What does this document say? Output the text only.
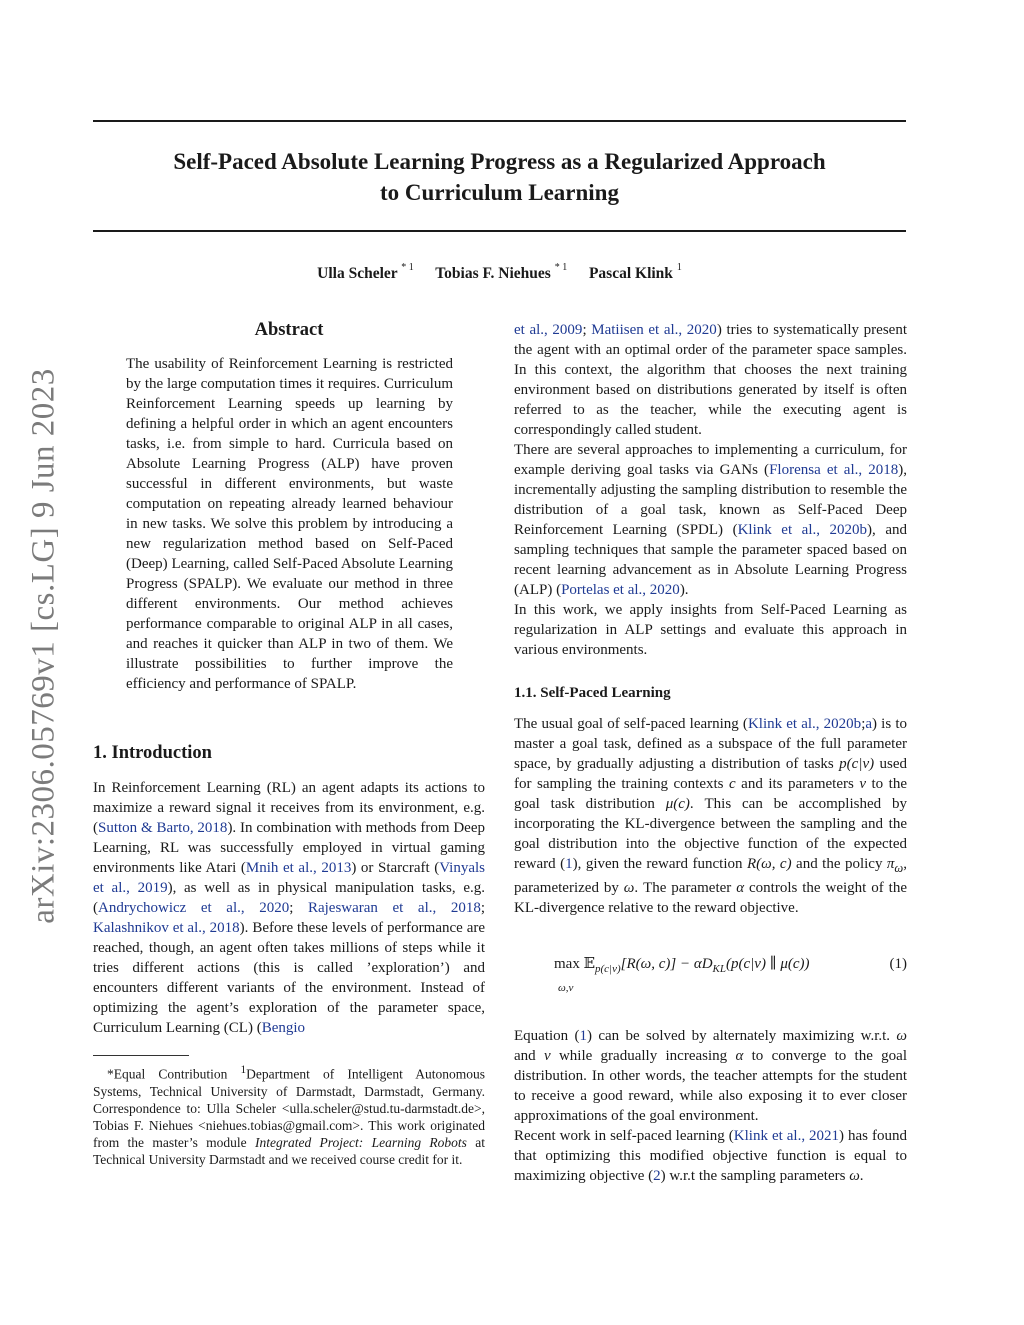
Self-Paced Absolute Learning Progress as a Regularized Approach
to Curriculum Learning
Ulla Scheler $^{* 1}$ Tobias F. Niehues $^{* 1}$ Pascal Klink $^1$
arXiv:2306.05769v1 [cs.LG] 9 Jun 2023
Abstract

The usability of Reinforcement Learning is restricted by the large computation times it requires. Curriculum Reinforcement Learning speeds up learning by defining a helpful order in which an agent encounters tasks, i.e. from simple to hard. Curricula based on Absolute Learning Progress (ALP) have proven successful in different environments, but waste computation on repeating already learned behaviour in new tasks. We solve this problem by introducing a new regularization method based on Self-Paced (Deep) Learning, called Self-Paced Absolute Learning Progress (SPALP). We evaluate our method in three different environments. Our method achieves performance comparable to original ALP in all cases, and reaches it quicker than ALP in two of them. We illustrate possibilities to further improve the efficiency and performance of SPALP.

1. Introduction

In Reinforcement Learning (RL) an agent adapts its actions to maximize a reward signal it receives from its environment, e.g. (Sutton & Barto, 2018). In combination with methods from Deep Learning, RL was successfully employed in virtual gaming environments like Atari (Mnih et al., 2013) or Starcraft (Vinyals et al., 2019), as well as in physical manipulation tasks, e.g. (Andrychowicz et al., 2020; Rajeswaran et al., 2018; Kalashnikov et al., 2018). Before these levels of performance are reached, though, an agent often takes millions of steps while it tries different actions (this is called ’exploration’) and encounters different variants of the environment. Instead of optimizing the agent’s exploration of the parameter space, Curriculum Learning (CL) (Bengio

*Equal Contribution $^1$Department of Intelligent Autonomous Systems, Technical University of Darmstadt, Darmstadt, Germany. Correspondence to: Ulla Scheler <ulla.scheler@stud.tu-darmstadt.de>, Tobias F. Niehues <niehues.tobias@gmail.com>. This work originated from the master’s module Integrated Project: Learning Robots at Technical University Darmstadt and we received course credit for it.

et al., 2009; Matiisen et al., 2020) tries to systematically present the agent with an optimal order of the parameter space samples. In this context, the algorithm that chooses the next training environment based on distributions generated by itself is often referred to as the teacher, while the executing agent is correspondingly called student.

There are several approaches to implementing a curriculum, for example deriving goal tasks via GANs (Florensa et al., 2018), incrementally adjusting the sampling distribution to resemble the distribution of a goal task, known as Self-Paced Deep Reinforcement Learning (SPDL) (Klink et al., 2020b), and sampling techniques that sample the parameter spaced based on recent learning advancement as in Absolute Learning Progress (ALP) (Portelas et al., 2020).

In this work, we apply insights from Self-Paced Learning as regularization in ALP settings and evaluate this approach in various environments.

1.1. Self-Paced Learning

The usual goal of self-paced learning (Klink et al., 2020b;a) is to master a goal task, defined as a subspace of the full parameter space, by gradually adjusting a distribution of tasks p(c|ν) used for sampling the training contexts c and its parameters ν to the goal task distribution μ(c). This can be accomplished by incorporating the KL-divergence between the sampling and the goal distribution into the objective function of the expected reward (1), given the reward function R(ω, c) and the policy $\pi_\omega$, parameterized by ω. The parameter α controls the weight of the KL-divergence relative to the reward objective.

max 𝔼$_{p(c|\nu)}$[R(ω, $c)] - \alpha D_{KL}(p(c|\nu)$ ∥ μ(c))
ω,ν
(1)

Equation (1) can be solved by alternately maximizing w.r.t. ω and ν while gradually increasing α to converge to the goal distribution. In other words, the teacher attempts for the student to receive a good reward, while also exposing it to ever closer approximations of the goal environment.

Recent work in self-paced learning (Klink et al., 2021) has found that optimizing this modified objective function is equal to maximizing objective (2) w.r.t the sampling parameters ω.
